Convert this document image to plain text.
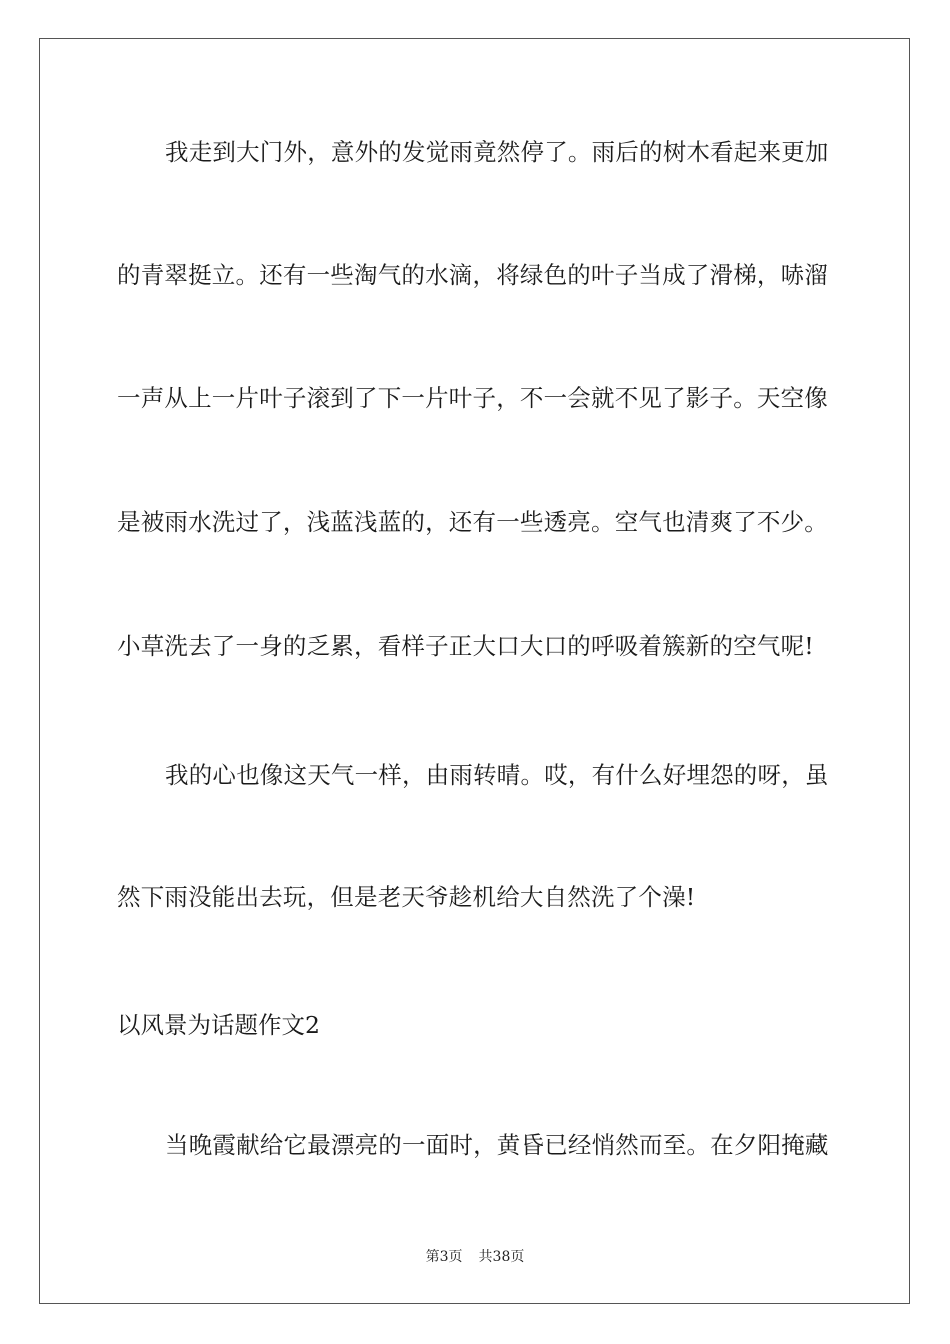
我走到大门外，意外的发觉雨竟然停了。雨后的树木看起来更加
的青翠挺立。还有一些淘气的水滴，将绿色的叶子当成了滑梯，哧溜
一声从上一片叶子滚到了下一片叶子，不一会就不见了影子。天空像
是被雨水洗过了，浅蓝浅蓝的，还有一些透亮。空气也清爽了不少。
小草洗去了一身的乏累，看样子正大口大口的呼吸着簇新的空气呢!
我的心也像这天气一样，由雨转晴。哎，有什么好埋怨的呀，虽
然下雨没能出去玩，但是老天爷趁机给大自然洗了个澡!
以风景为话题作文2
当晚霞献给它最漂亮的一面时，黄昏已经悄然而至。在夕阳掩藏
第3页 共38页
